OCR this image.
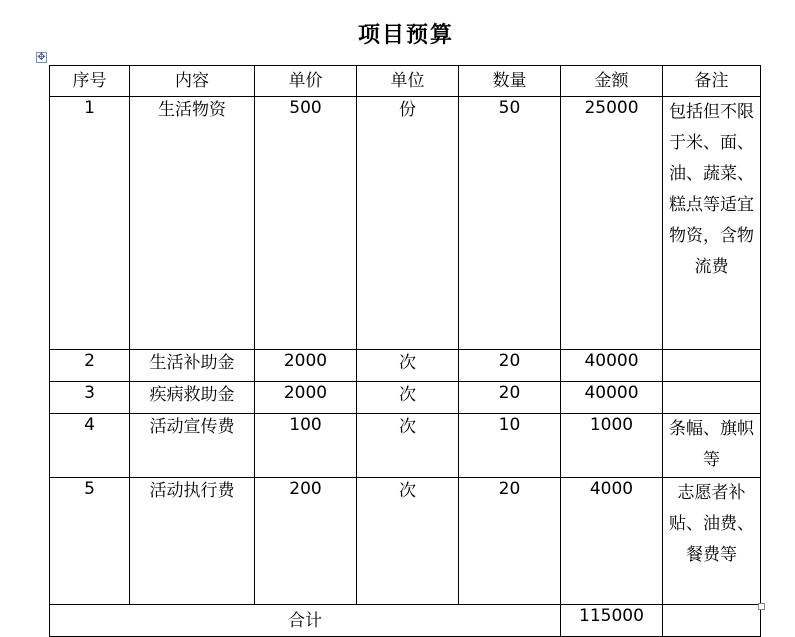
项目预算
✥
序号	内容	单价	单位	数量	金额	备注
1	生活物资	500	份	50	25000	包括但不限于米、面、油、蔬菜、糕点等适宜物资，含物流费
2	生活补助金	2000	次	20	40000	
3	疾病救助金	2000	次	20	40000	
4	活动宣传费	100	次	10	1000	条幅、旗帜等
5	活动执行费	200	次	20	4000	志愿者补贴、油费、餐费等
合计					115000	
